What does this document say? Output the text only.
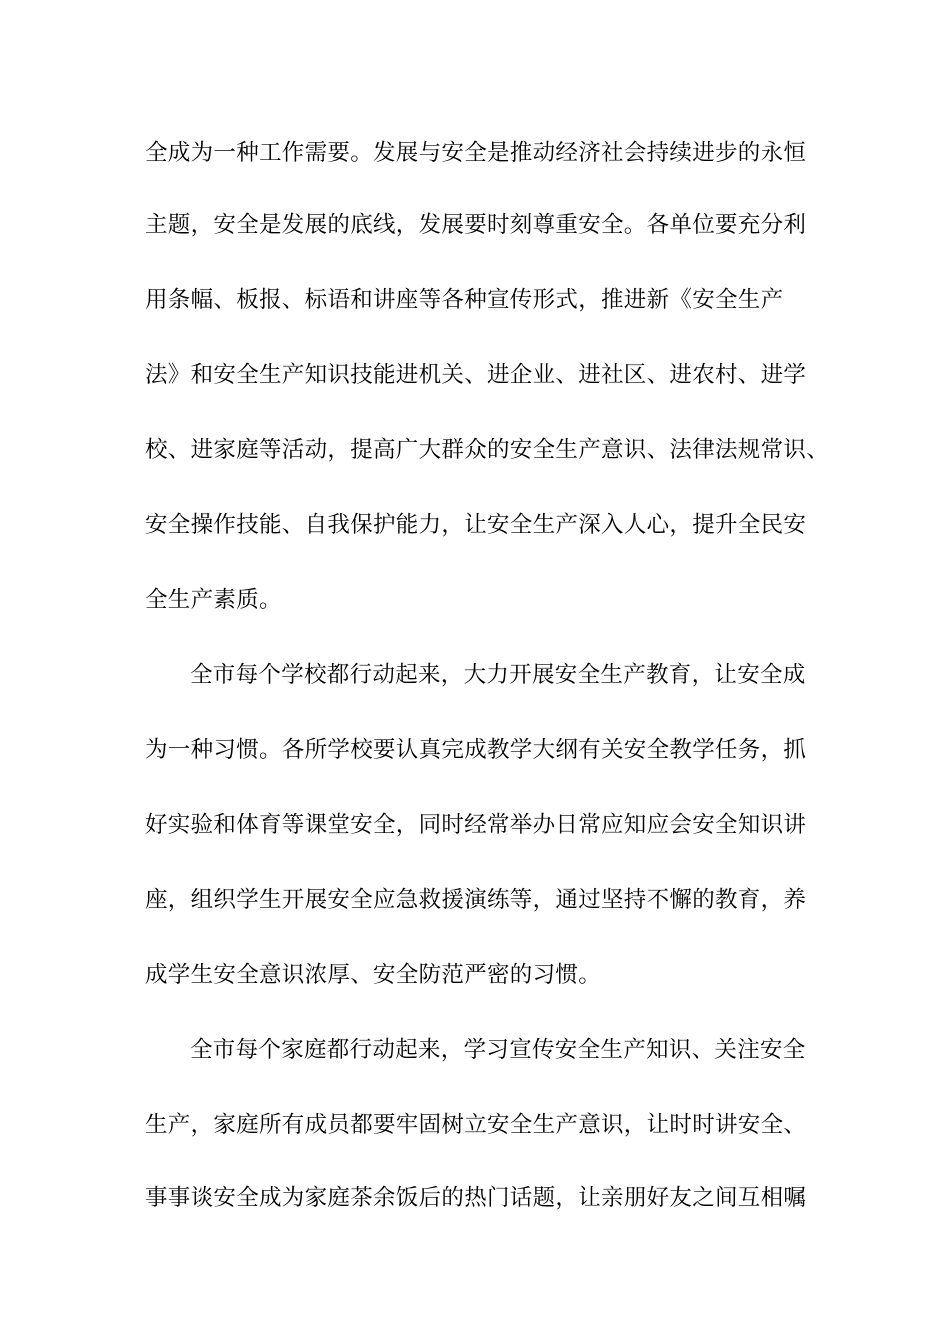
全成为一种工作需要。发展与安全是推动经济社会持续进步的永恒
主题，安全是发展的底线，发展要时刻尊重安全。各单位要充分利
用条幅、板报、标语和讲座等各种宣传形式，推进新《安全生产
法》和安全生产知识技能进机关、进企业、进社区、进农村、进学
校、进家庭等活动，提高广大群众的安全生产意识、法律法规常识、
安全操作技能、自我保护能力，让安全生产深入人心，提升全民安
全生产素质。
全市每个学校都行动起来，大力开展安全生产教育，让安全成
为一种习惯。各所学校要认真完成教学大纲有关安全教学任务，抓
好实验和体育等课堂安全，同时经常举办日常应知应会安全知识讲
座，组织学生开展安全应急救援演练等，通过坚持不懈的教育，养
成学生安全意识浓厚、安全防范严密的习惯。
全市每个家庭都行动起来，学习宣传安全生产知识、关注安全
生产，家庭所有成员都要牢固树立安全生产意识，让时时讲安全、
事事谈安全成为家庭茶余饭后的热门话题，让亲朋好友之间互相嘱
